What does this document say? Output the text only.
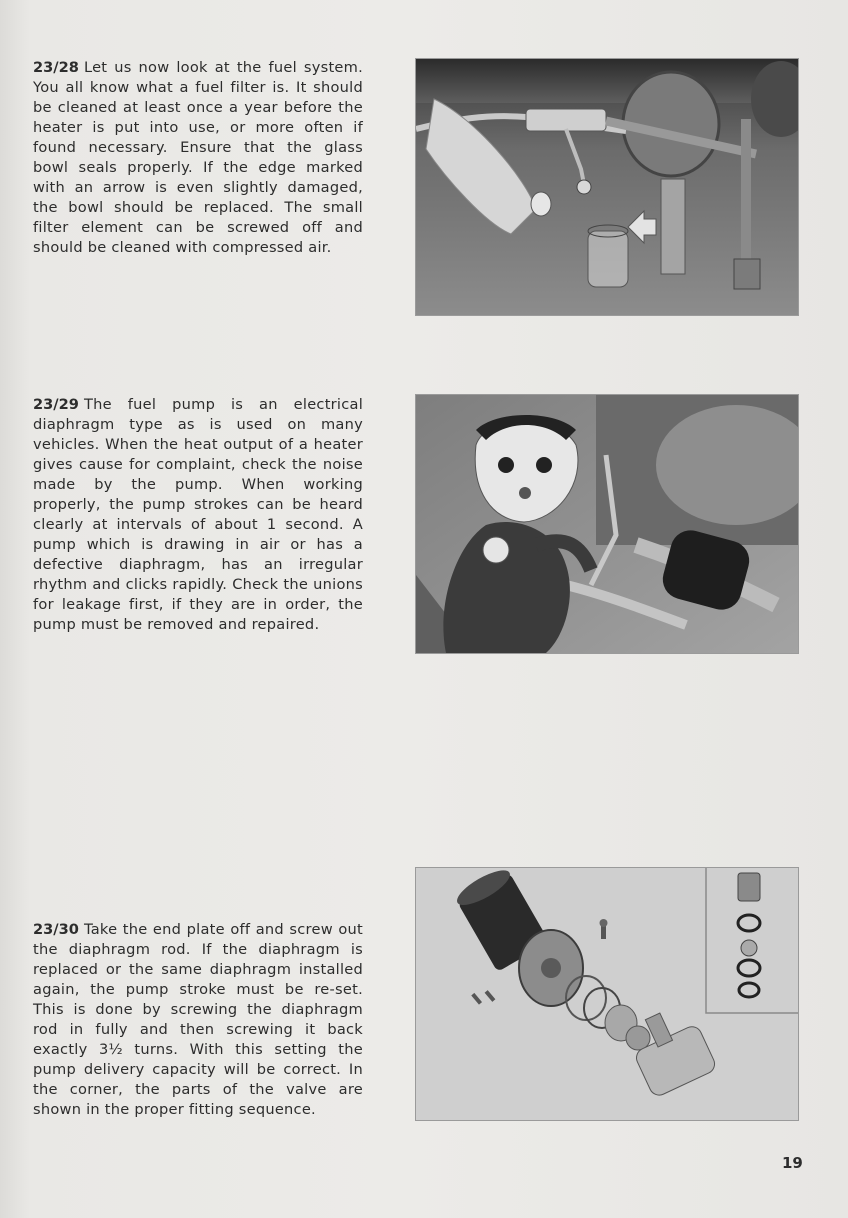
23/28 Let us now look at the fuel system. You all know what a fuel filter is. It should be cleaned at least once a year before the heater is put into use, or more often if found necessary. Ensure that the glass bowl seals properly. If the edge marked with an arrow is even slightly damaged, the bowl should be replaced. The small filter element can be screwed off and should be cleaned with compressed air.
23/29 The fuel pump is an electrical diaphragm type as is used on many vehicles. When the heat output of a heater gives cause for complaint, check the noise made by the pump. When working properly, the pump strokes can be heard clearly at intervals of about 1 second. A pump which is drawing in air or has a defective diaphragm, has an irregular rhythm and clicks rapidly. Check the unions for leakage first, if they are in order, the pump must be removed and repaired.
23/30 Take the end plate off and screw out the diaphragm rod. If the diaphragm is replaced or the same diaphragm installed again, the pump stroke must be re-set. This is done by screwing the diaphragm rod in fully and then screwing it back exactly 3½ turns. With this setting the pump delivery capacity will be correct. In the corner, the parts of the valve are shown in the proper fitting sequence.
19
